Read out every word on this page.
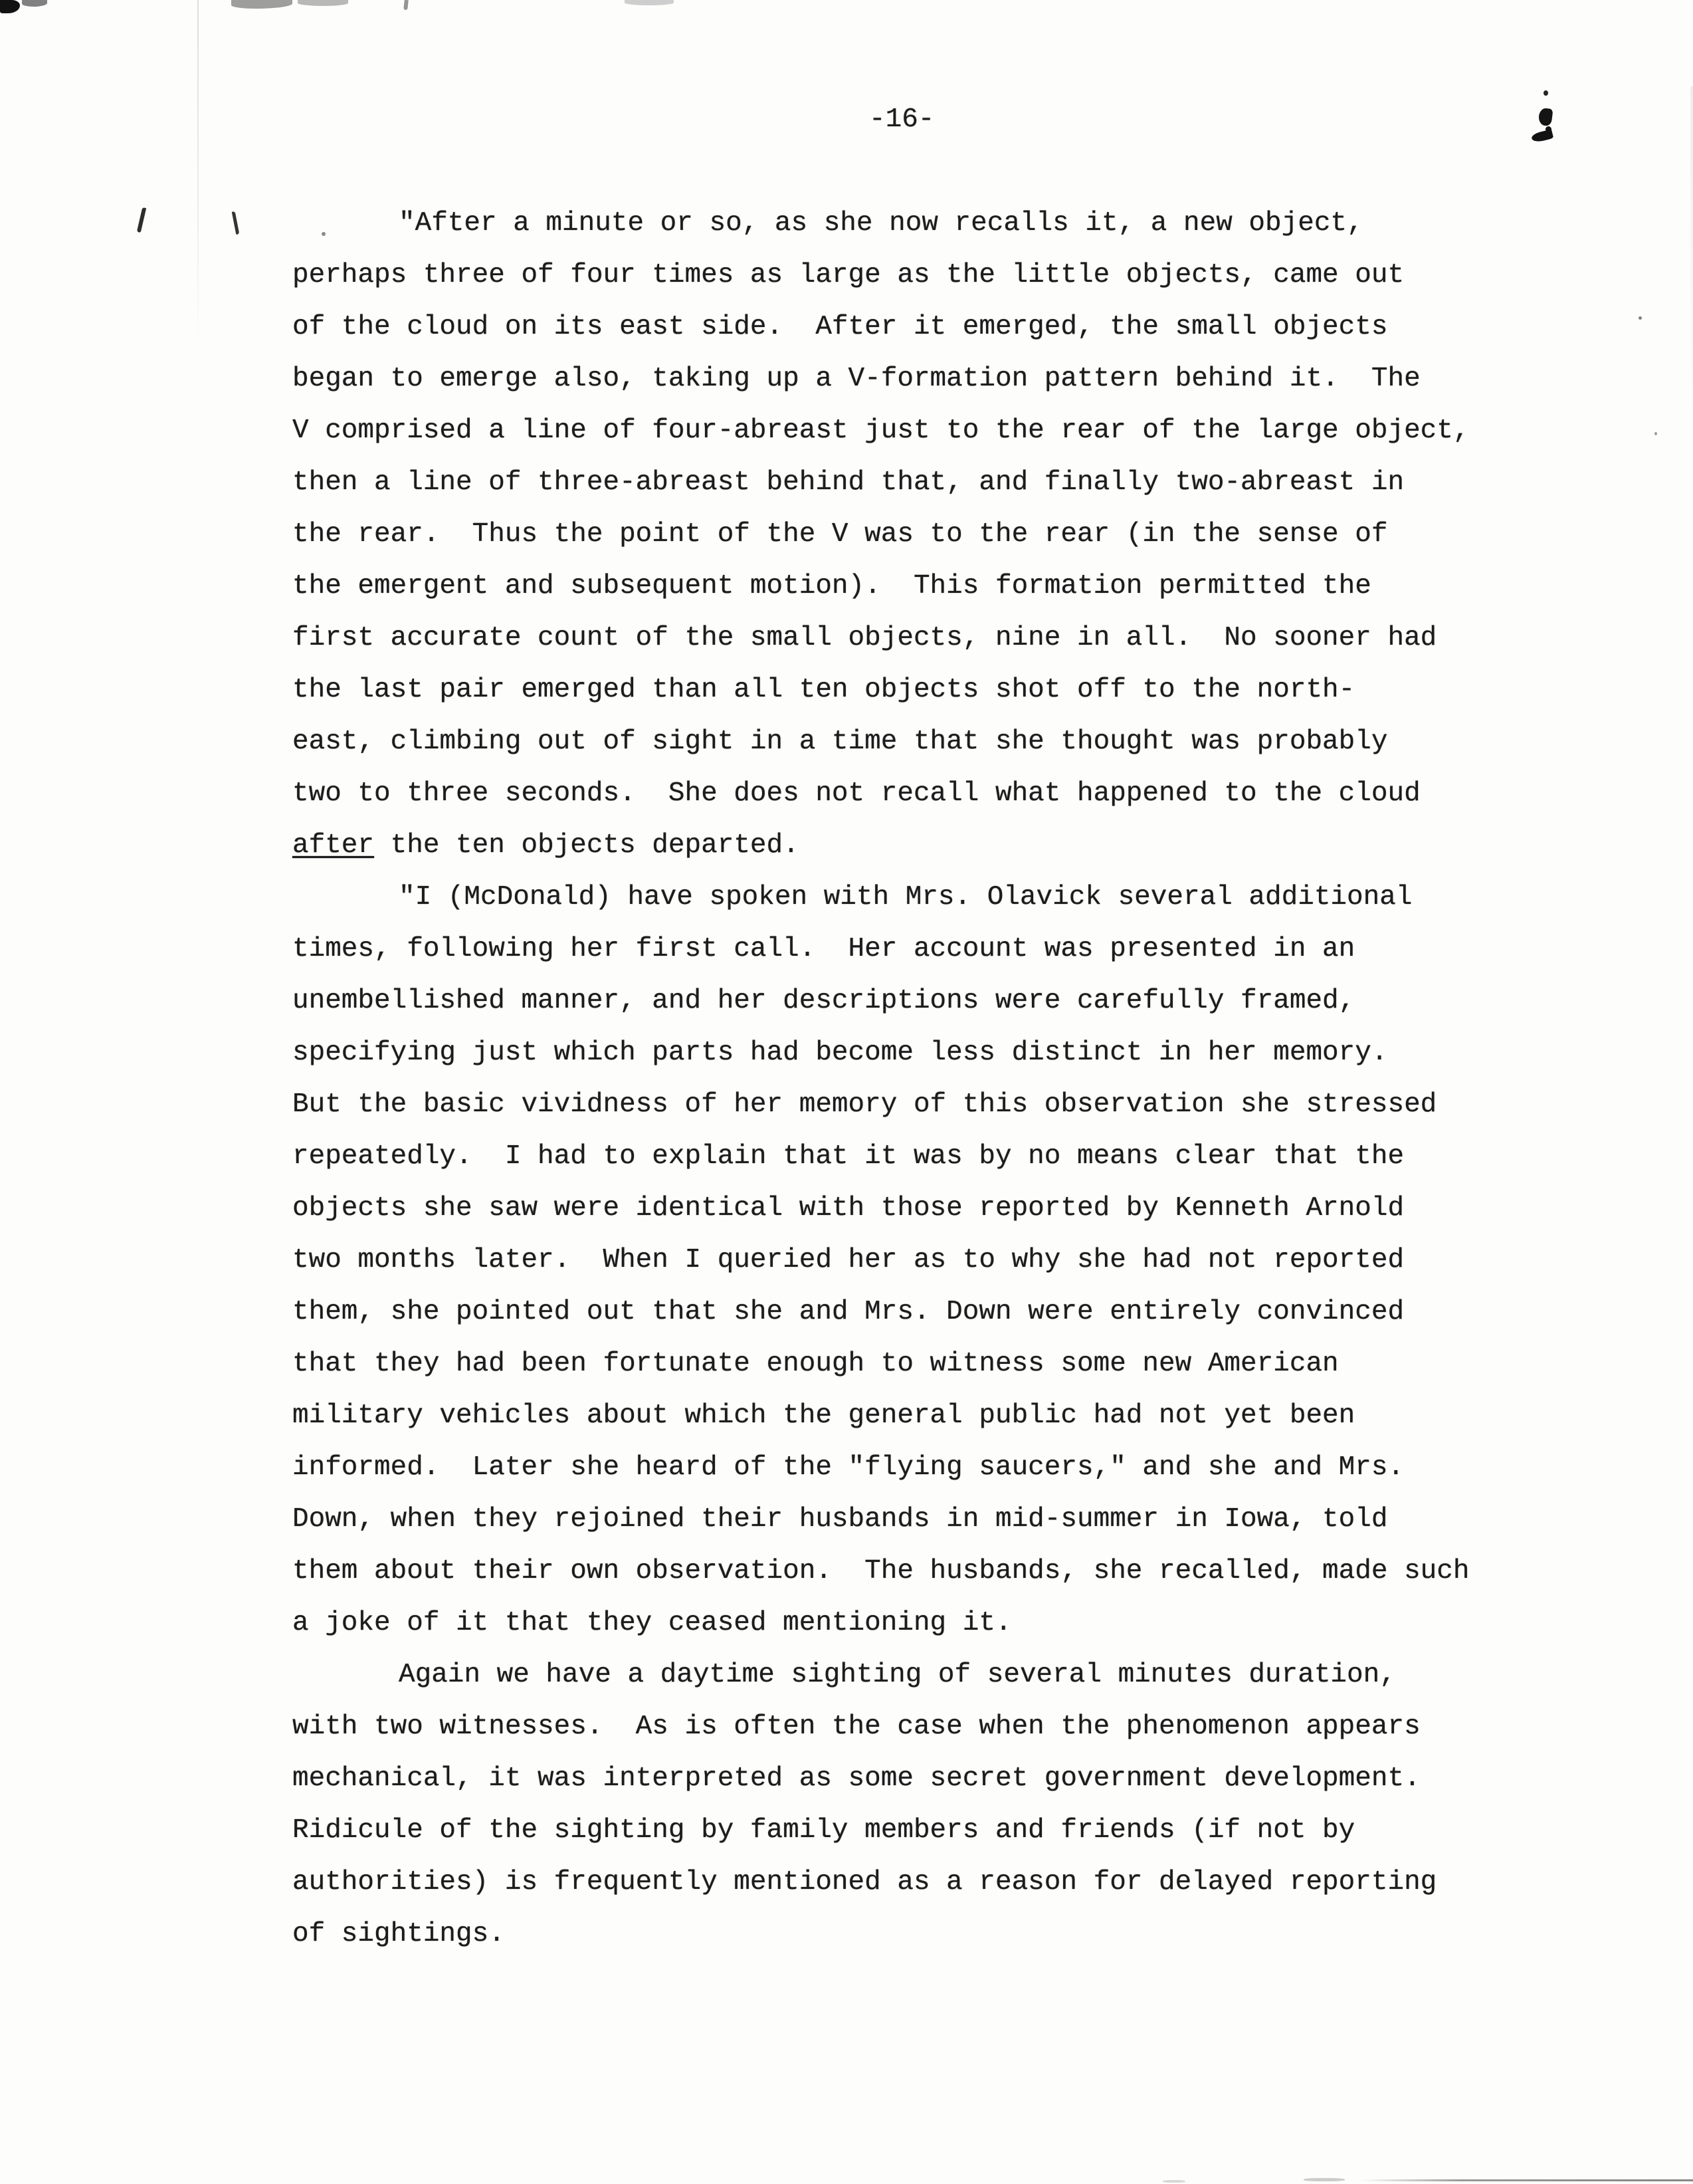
-16-
"After a minute or so, as she now recalls it, a new object,
perhaps three of four times as large as the little objects, came out
of the cloud on its east side.  After it emerged, the small objects
began to emerge also, taking up a V-formation pattern behind it.  The
V comprised a line of four-abreast just to the rear of the large object,
then a line of three-abreast behind that, and finally two-abreast in
the rear.  Thus the point of the V was to the rear (in the sense of
the emergent and subsequent motion).  This formation permitted the
first accurate count of the small objects, nine in all.  No sooner had
the last pair emerged than all ten objects shot off to the north-
east, climbing out of sight in a time that she thought was probably
two to three seconds.  She does not recall what happened to the cloud
after the ten objects departed.
"I (McDonald) have spoken with Mrs. Olavick several additional
times, following her first call.  Her account was presented in an
unembellished manner, and her descriptions were carefully framed,
specifying just which parts had become less distinct in her memory.
But the basic vividness of her memory of this observation she stressed
repeatedly.  I had to explain that it was by no means clear that the
objects she saw were identical with those reported by Kenneth Arnold
two months later.  When I queried her as to why she had not reported
them, she pointed out that she and Mrs. Down were entirely convinced
that they had been fortunate enough to witness some new American
military vehicles about which the general public had not yet been
informed.  Later she heard of the "flying saucers," and she and Mrs.
Down, when they rejoined their husbands in mid-summer in Iowa, told
them about their own observation.  The husbands, she recalled, made such
a joke of it that they ceased mentioning it.
Again we have a daytime sighting of several minutes duration,
with two witnesses.  As is often the case when the phenomenon appears
mechanical, it was interpreted as some secret government development.
Ridicule of the sighting by family members and friends (if not by
authorities) is frequently mentioned as a reason for delayed reporting
of sightings.
